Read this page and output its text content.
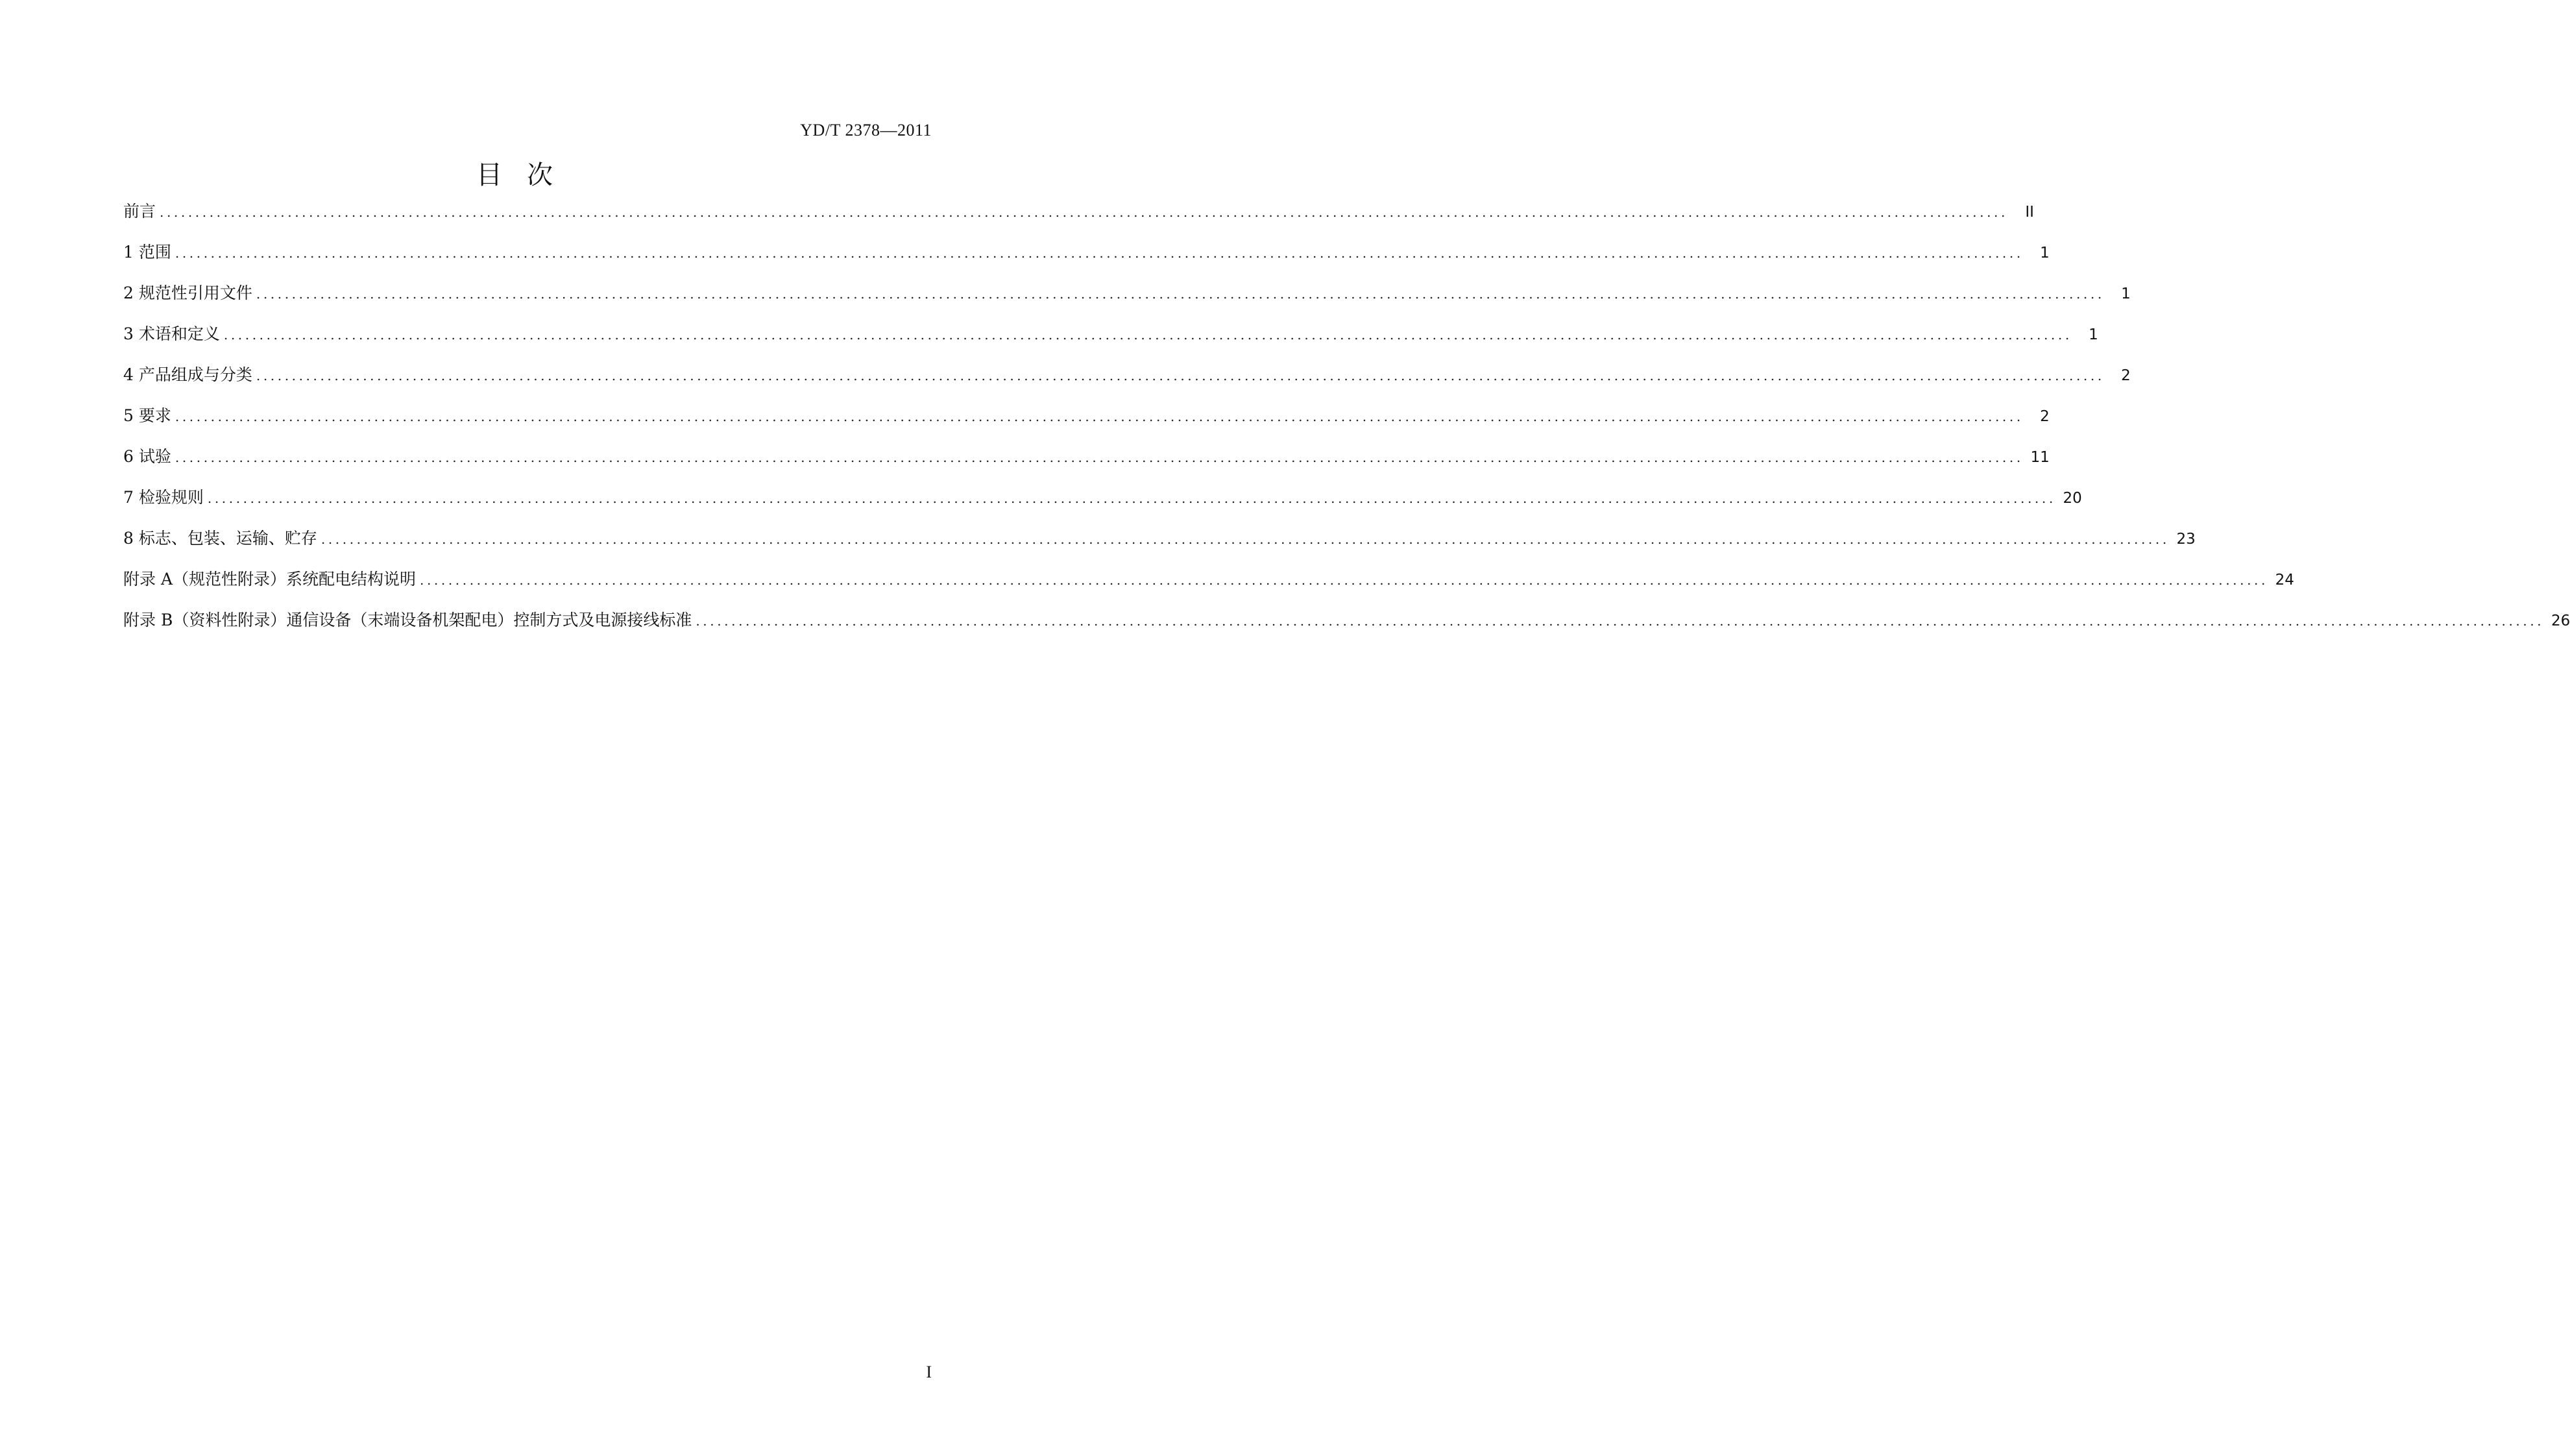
YD/T 2378—2011
目次
前言 ....................................................................................................................................................................................................................................................................	II
1 范围 ....................................................................................................................................................................................................................................................................	1
2 规范性引用文件 ....................................................................................................................................................................................................................................................................	1
3 术语和定义 ....................................................................................................................................................................................................................................................................	1
4 产品组成与分类 ....................................................................................................................................................................................................................................................................	2
5 要求 ....................................................................................................................................................................................................................................................................	2
6 试验 .................................................................................................................................................................................................................................................................... 11
7 检验规则 .................................................................................................................................................................................................................................................................... 20
8 标志、包装、运输、贮存 .................................................................................................................................................................................................................................................................... 23
附录 A（规范性附录）系统配电结构说明 .................................................................................................................................................................................................................................................................... 24
附录 B（资料性附录）通信设备（末端设备机架配电）控制方式及电源接线标准 .................................................................................................................................................................................................................................................................... 26
I
